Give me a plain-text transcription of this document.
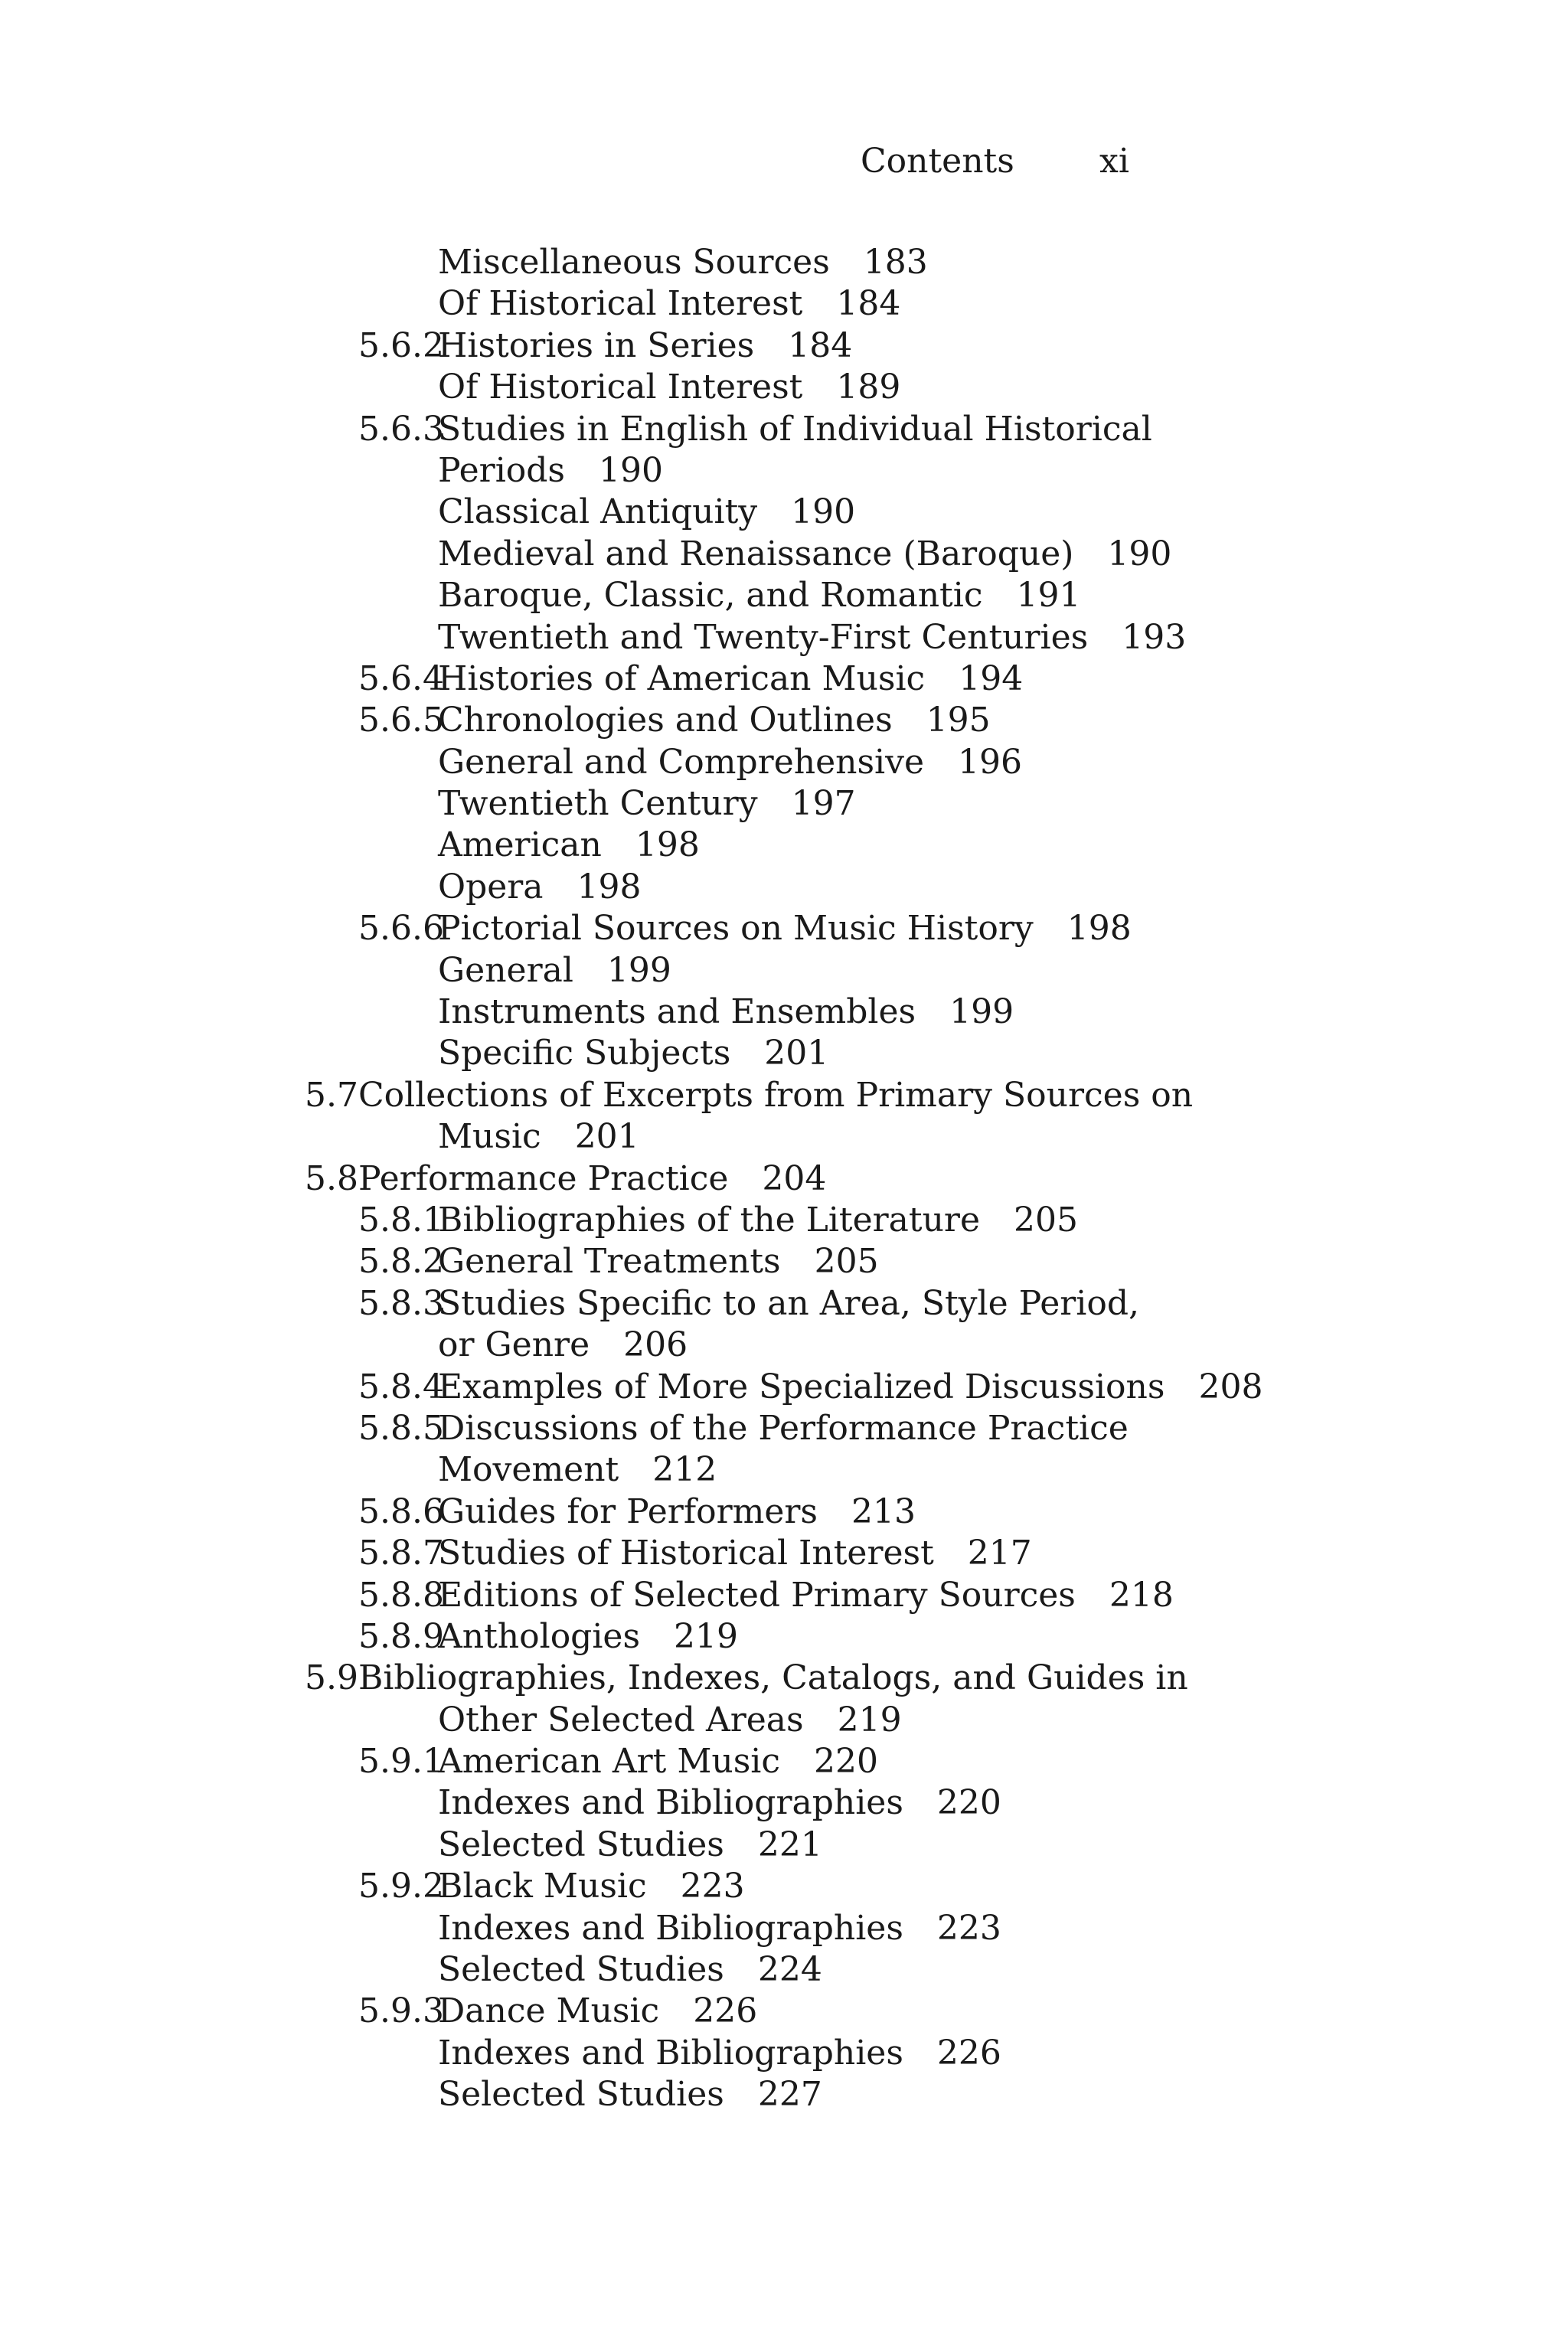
Contents	xi
Miscellaneous Sources 183
Of Historical Interest 184
5.6.2
Histories in Series 184
Of Historical Interest 189
5.6.3
Studies in English of Individual Historical
Periods 190
Classical Antiquity 190
Medieval and Renaissance (Baroque) 190
Baroque, Classic, and Romantic 191
Twentieth and Twenty-First Centuries 193
5.6.4
Histories of American Music 194
5.6.5
Chronologies and Outlines 195
General and Comprehensive 196
Twentieth Century 197
American 198
Opera 198
5.6.6
Pictorial Sources on Music History 198
General 199
Instruments and Ensembles 199
Specific Subjects 201
5.7 Collections of Excerpts from Primary Sources on
Music 201
5.8 Performance Practice 204
5.8.1
Bibliographies of the Literature 205
5.8.2
General Treatments 205
5.8.3
Studies Specific to an Area, Style Period,
or Genre 206
5.8.4
Examples of More Specialized Discussions 208
5.8.5
Discussions of the Performance Practice
Movement 212
5.8.6
Guides for Performers 213
5.8.7
Studies of Historical Interest 217
5.8.8
Editions of Selected Primary Sources 218
5.8.9
Anthologies 219
5.9 Bibliographies, Indexes, Catalogs, and Guides in
Other Selected Areas 219
5.9.1
American Art Music 220
Indexes and Bibliographies 220
Selected Studies 221
5.9.2
Black Music 223
Indexes and Bibliographies 223
Selected Studies 224
5.9.3
Dance Music 226
Indexes and Bibliographies 226
Selected Studies 227
